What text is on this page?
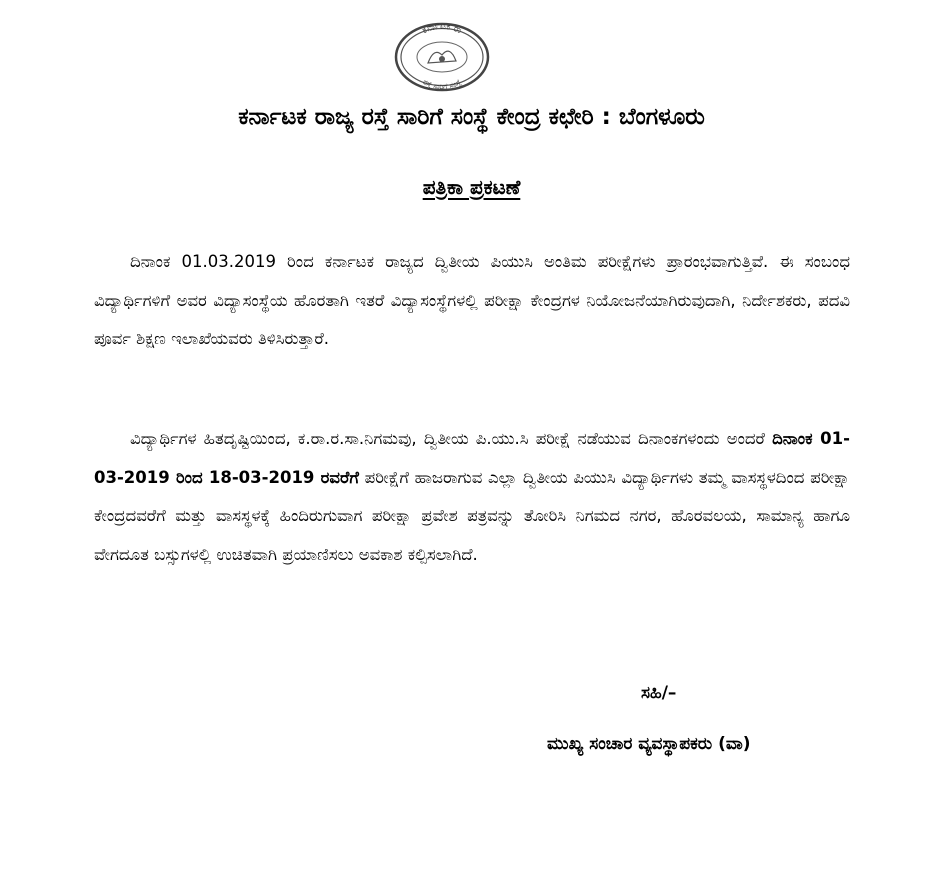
ಕರ್ನಾಟಕ ರಾ
ರಸ್ತೆ ಸಾರಿಗೆ ಸಂಸ್ಥೆ
ಕರ್ನಾಟಕ ರಾಜ್ಯ ರಸ್ತೆ ಸಾರಿಗೆ ಸಂಸ್ಥೆ ಕೇಂದ್ರ ಕಛೇರಿ : ಬೆಂಗಳೂರು
ಪತ್ರಿಕಾ ಪ್ರಕಟಣೆ

ದಿನಾಂಕ 01.03.2019 ರಿಂದ ಕರ್ನಾಟಕ ರಾಜ್ಯದ ದ್ವಿತೀಯ ಪಿಯುಸಿ ಅಂತಿಮ ಪರೀಕ್ಷೆಗಳು ಪ್ರಾರಂಭವಾಗುತ್ತಿವೆ. ಈ ಸಂಬಂಧ ವಿದ್ಯಾರ್ಥಿಗಳಿಗೆ ಅವರ ವಿದ್ಯಾಸಂಸ್ಥೆಯ ಹೊರತಾಗಿ ಇತರೆ ವಿದ್ಯಾಸಂಸ್ಥೆಗಳಲ್ಲಿ ಪರೀಕ್ಷಾ ಕೇಂದ್ರಗಳ ನಿಯೋಜನೆಯಾಗಿರುವುದಾಗಿ, ನಿರ್ದೇಶಕರು, ಪದವಿ ಪೂರ್ವ ಶಿಕ್ಷಣ ಇಲಾಖೆಯವರು ತಿಳಿಸಿರುತ್ತಾರೆ.

ವಿದ್ಯಾರ್ಥಿಗಳ ಹಿತದೃಷ್ಟಿಯಿಂದ, ಕ.ರಾ.ರ.ಸಾ.ನಿಗಮವು, ದ್ವಿತೀಯ ಪಿ.ಯು.ಸಿ ಪರೀಕ್ಷೆ ನಡೆಯುವ ದಿನಾಂಕಗಳಂದು ಅಂದರೆ ದಿನಾಂಕ 01-03-2019 ರಿಂದ 18-03-2019 ರವರೆಗೆ ಪರೀಕ್ಷೆಗೆ ಹಾಜರಾಗುವ ಎಲ್ಲಾ ದ್ವಿತೀಯ ಪಿಯುಸಿ ವಿದ್ಯಾರ್ಥಿಗಳು ತಮ್ಮ ವಾಸಸ್ಥಳದಿಂದ ಪರೀಕ್ಷಾ ಕೇಂದ್ರದವರೆಗೆ ಮತ್ತು ವಾಸಸ್ಥಳಕ್ಕೆ ಹಿಂದಿರುಗುವಾಗ ಪರೀಕ್ಷಾ ಪ್ರವೇಶ ಪತ್ರವನ್ನು ತೋರಿಸಿ ನಿಗಮದ ನಗರ, ಹೊರವಲಯ, ಸಾಮಾನ್ಯ ಹಾಗೂ ವೇಗದೂತ ಬಸ್ಸುಗಳಲ್ಲಿ ಉಚಿತವಾಗಿ ಪ್ರಯಾಣಿಸಲು ಅವಕಾಶ ಕಲ್ಪಿಸಲಾಗಿದೆ.

ಸಹಿ/–
ಮುಖ್ಯ ಸಂಚಾರ ವ್ಯವಸ್ಥಾಪಕರು (ವಾ)
